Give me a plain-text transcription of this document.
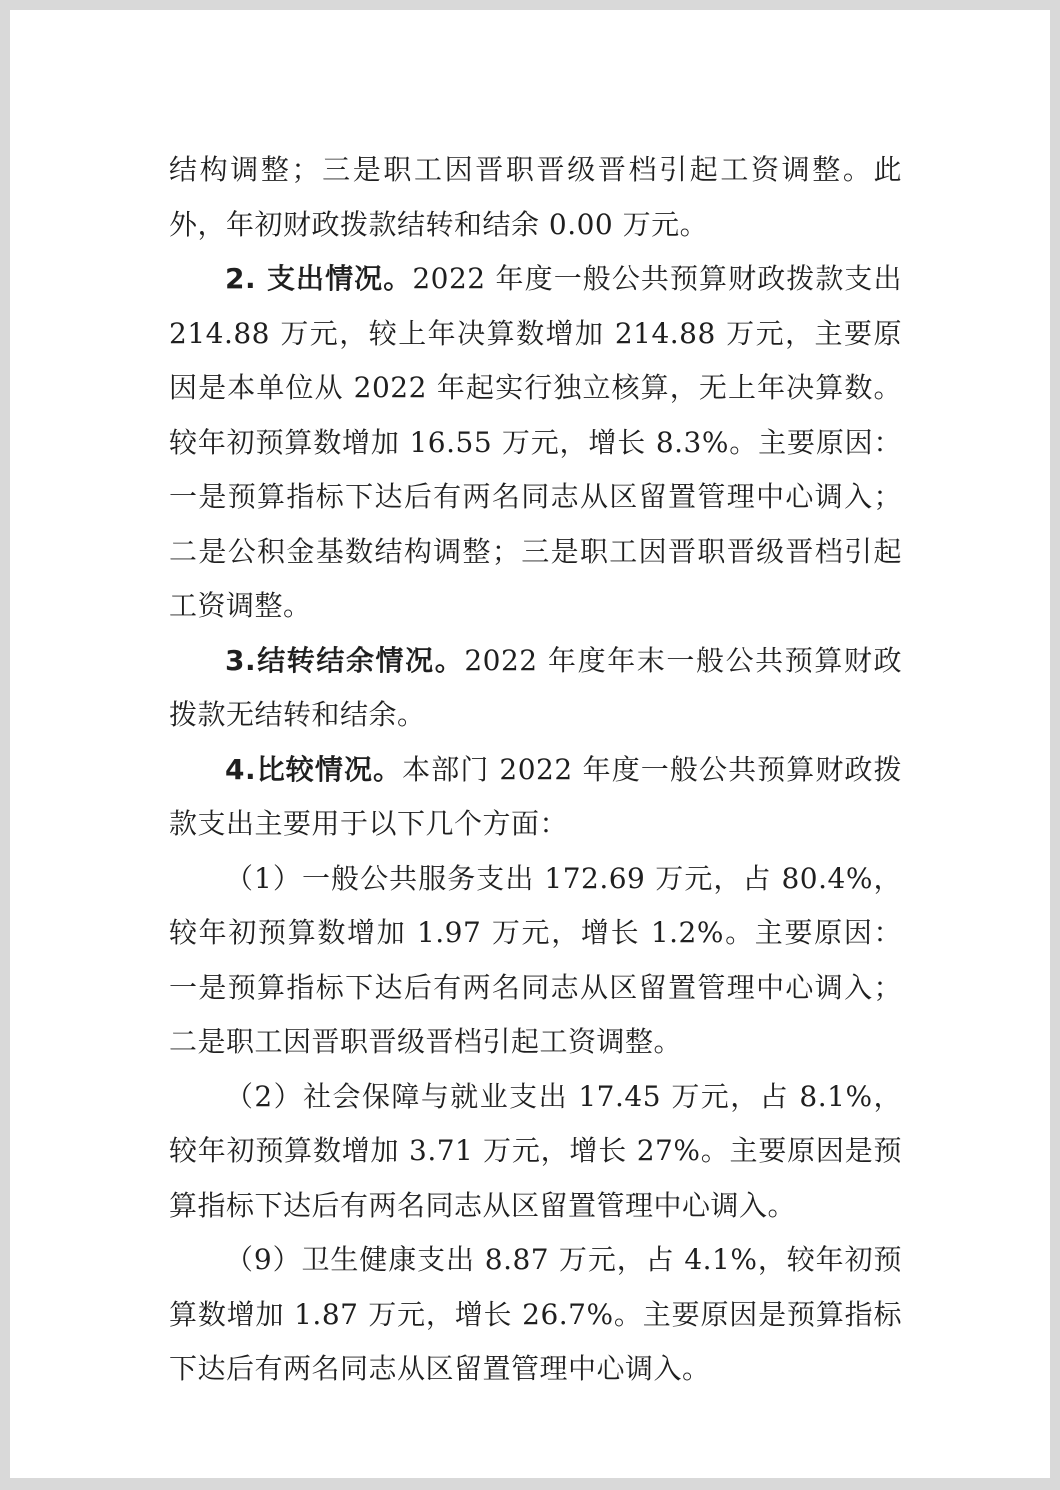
结构调整；三是职工因晋职晋级晋档引起工资调整。此外，年初财政拨款结转和结余 0.00 万元。

2. 支出情况。2022 年度一般公共预算财政拨款支出 214.88 万元，较上年决算数增加 214.88 万元，主要原因是本单位从 2022 年起实行独立核算，无上年决算数。较年初预算数增加 16.55 万元，增长 8.3%。主要原因：一是预算指标下达后有两名同志从区留置管理中心调入；二是公积金基数结构调整；三是职工因晋职晋级晋档引起工资调整。

3.结转结余情况。2022 年度年末一般公共预算财政拨款无结转和结余。

4.比较情况。本部门 2022 年度一般公共预算财政拨款支出主要用于以下几个方面：

（1）一般公共服务支出 172.69 万元，占 80.4%，较年初预算数增加 1.97 万元，增长 1.2%。主要原因：一是预算指标下达后有两名同志从区留置管理中心调入；二是职工因晋职晋级晋档引起工资调整。

（2）社会保障与就业支出 17.45 万元，占 8.1%，较年初预算数增加 3.71 万元，增长 27%。主要原因是预算指标下达后有两名同志从区留置管理中心调入。

（9）卫生健康支出 8.87 万元，占 4.1%，较年初预算数增加 1.87 万元，增长 26.7%。主要原因是预算指标下达后有两名同志从区留置管理中心调入。
